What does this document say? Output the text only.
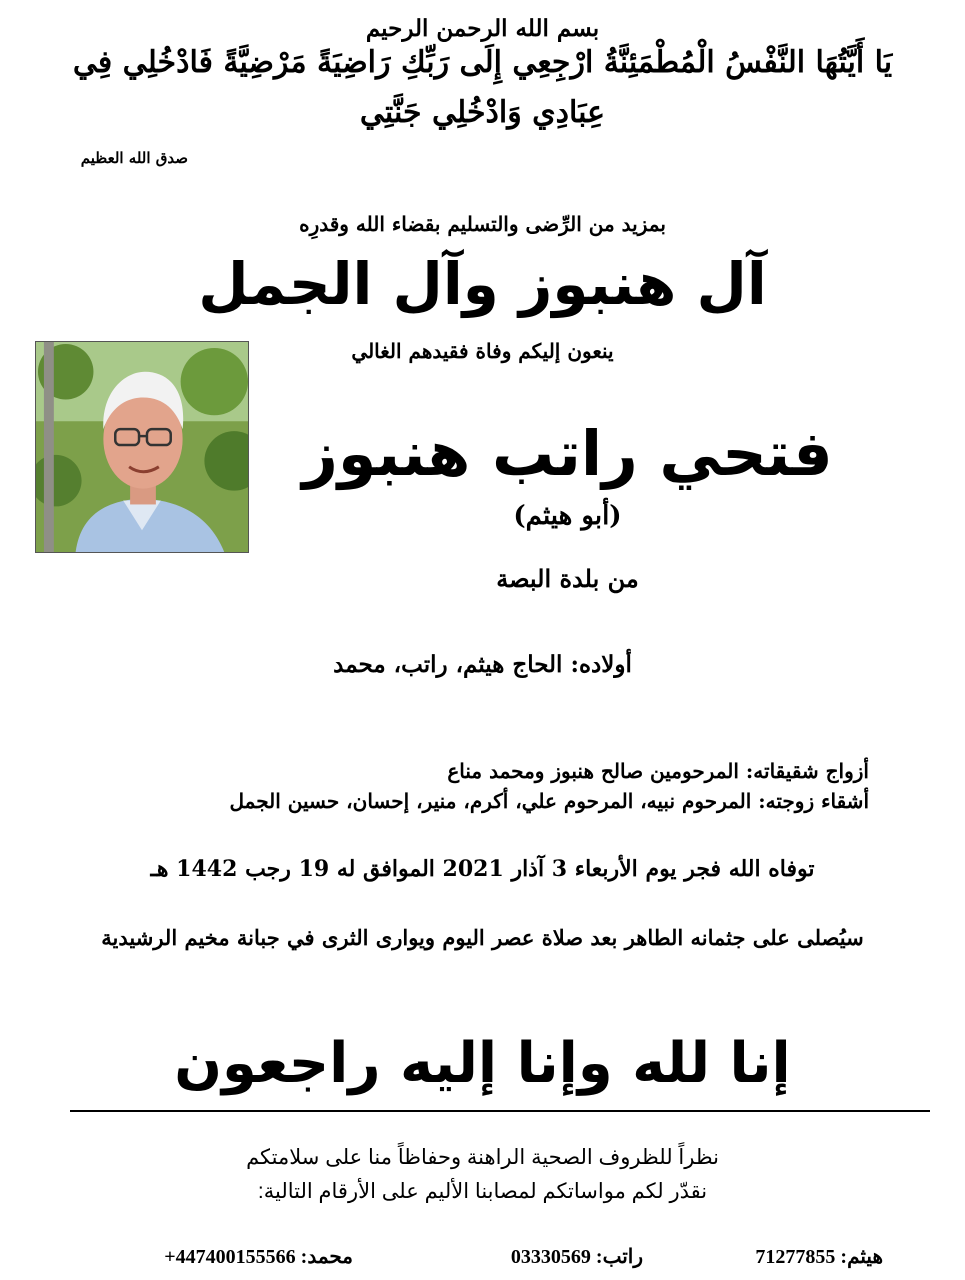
بسم الله الرحمن الرحيم
يَا أَيَّتُهَا النَّفْسُ الْمُطْمَئِنَّةُ ارْجِعِي إِلَى رَبِّكِ رَاضِيَةً مَرْضِيَّةً فَادْخُلِي فِي
عِبَادِي وَادْخُلِي جَنَّتِي
صدق الله العظيم
بمزيد من الرِّضى والتسليم بقضاء الله وقدرِه
آل هنبوز وآل الجمل
ينعون إليكم وفاة فقيدهم الغالي
فتحي راتب هنبوز
(أبو هيثم)
من بلدة البصة
أولاده: الحاج هيثم، راتب، محمد
أزواج شقيقاته: المرحومين صالح هنبوز ومحمد مناع
أشقاء زوجته: المرحوم نبيه، المرحوم علي، أكرم، منير، إحسان، حسين الجمل
توفاه الله فجر يوم الأربعاء 3 آذار 2021 الموافق له 19 رجب 1442 هـ
سيُصلى على جثمانه الطاهر بعد صلاة عصر اليوم ويوارى الثرى في جبانة مخيم الرشيدية
إنا لله وإنا إليه راجعون
نظراً للظروف الصحية الراهنة وحفاظاً منا على سلامتكم
نقدّر لكم مواساتكم لمصابنا الأليم على الأرقام التالية:
هيثم: 71277855
راتب: 03330569
محمد: +447400155566
